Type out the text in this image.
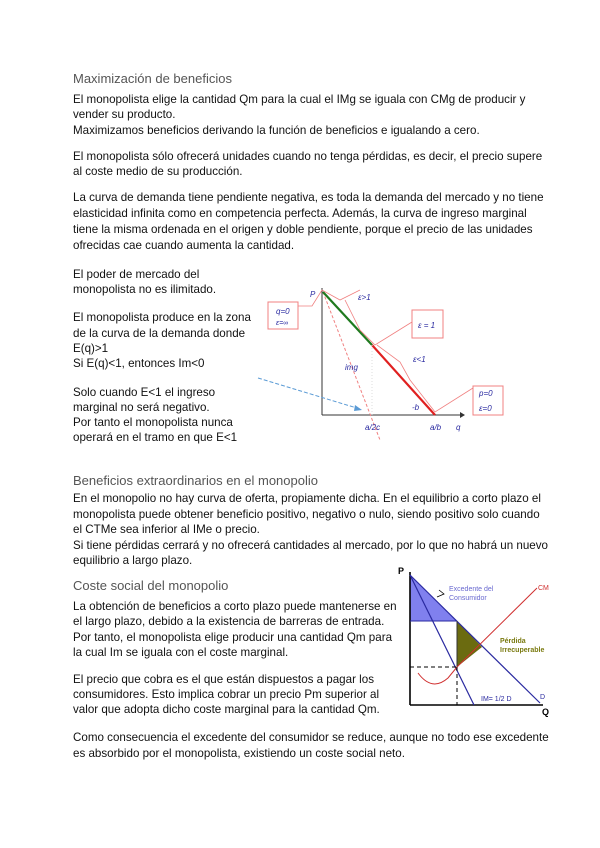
Maximización de beneficios
El monopolista elige la cantidad Qm para la cual el IMg se iguala con CMg de producir y
vender su producto.
Maximizamos beneficios derivando la función de beneficios e igualando a cero.
El monopolista sólo ofrecerá unidades cuando no tenga pérdidas, es decir, el precio supere
al coste medio de su producción.
La curva de demanda tiene pendiente negativa, es toda la demanda del mercado y no tiene
elasticidad infinita como en competencia perfecta. Además, la curva de ingreso marginal
tiene la misma ordenada en el origen y doble pendiente, porque el precio de las unidades
ofrecidas cae cuando aumenta la cantidad.
El poder de mercado del
monopolista no es ilimitado.
El monopolista produce en la zona
de la curva de la demanda donde
E(q)>1
Si E(q)<1, entonces Im<0
Solo cuando E<1 el ingreso
marginal no será negativo.
Por tanto el monopolista nunca
operará en el tramo en que E<1
P
q
q=0
ε=∞
ε>1
ε = 1
ε<1
img
a/2c	a/b
-b
p=0
ε=0
Beneficios extraordinarios en el monopolio
En el monopolio no hay curva de oferta, propiamente dicha. En el equilibrio a corto plazo el
monopolista puede obtener beneficio positivo, negativo o nulo, siendo positivo solo cuando
el CTMe sea inferior al IMe o precio.
Si tiene pérdidas cerrará y no ofrecerá cantidades al mercado, por lo que no habrá un nuevo
equilibrio a largo plazo.
Coste social del monopolio
La obtención de beneficios a corto plazo puede mantenerse en
el largo plazo, debido a la existencia de barreras de entrada.
Por tanto, el monopolista elige producir una cantidad Qm para
la cual Im se iguala con el coste marginal.
El precio que cobra es el que están dispuestos a pagar los
consumidores. Esto implica cobrar un precio Pm superior al
valor que adopta dicho coste marginal para la cantidad Qm.
Como consecuencia el excedente del consumidor se reduce, aunque no todo ese excedente
es absorbido por el monopolista, existiendo un coste social neto.
P
Q
Excedente del
Consumidor
CM
Pérdida
Irrecuperable
IM= 1/2 D	D
